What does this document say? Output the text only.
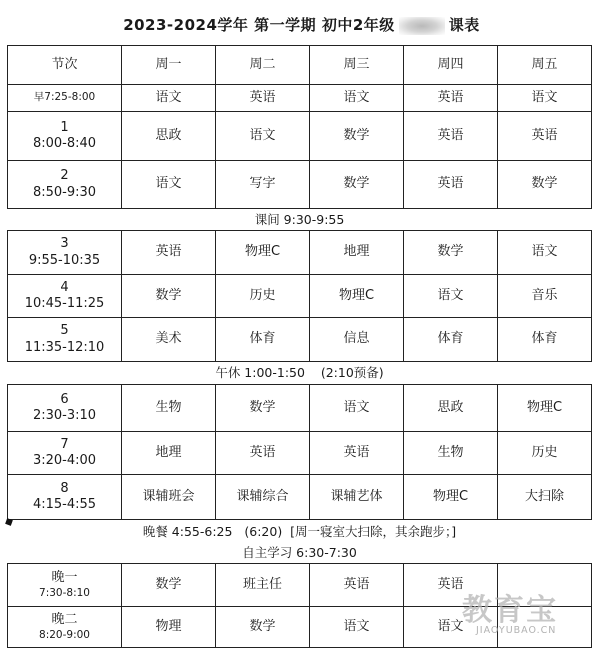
2023-2024学年 第一学期 初中2年级	课表
节次	周一	周二	周三	周四	周五
早7:25-8:00	语文	英语	语文	英语	语文

1
8:00-8:40	思政	语文	数学	英语	英语

2
8:50-9:30	语文	写字	数学	英语	数学
课间 9:30-9:55					

3
9:55-10:35	英语	物理C	地理	数学	语文

4
10:45-11:25	数学	历史	物理C	语文	音乐

5
11:35-12:10	美术	体育	信息	体育	体育
午休 1:00-1:50 (2:10预备)					

6
2:30-3:10	生物	数学	语文	思政	物理C

7
3:20-4:00	地理	英语	英语	生物	历史

8
4:15-4:55	课辅班会	课辅综合	课辅艺体	物理C	大扫除
晚餐 4:55-6:25 (6:20) [周一寝室大扫除，其余跑步；]					
自主学习 6:30-7:30					

晚一
7:30-8:10	数学	班主任	英语	英语	

晚二
8:20-9:00	物理	数学	语文	语文	
教育宝
JIAOYUBAO.CN
